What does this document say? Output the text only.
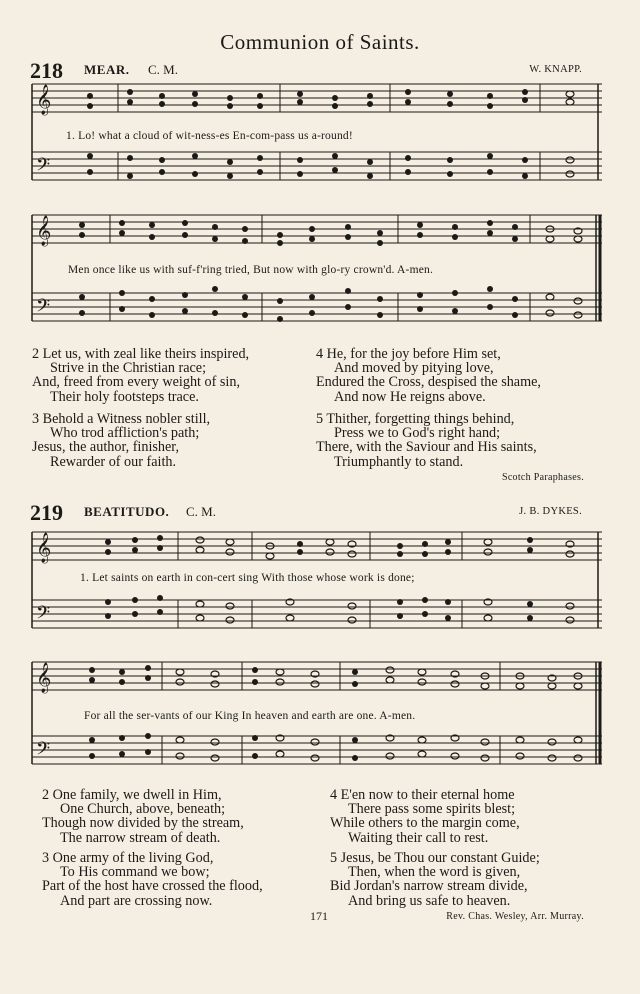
Communion of Saints.
218 MEAR. C. M.	W. KNAPP.
𝄞
𝄢
1. Lo! what a cloud of wit-ness-es En-com-pass us a-round!
𝄞
𝄢
Men once like us with suf-f'ring tried, But now with glo-ry crown'd. A-men.
2 Let us, with zeal like theirs inspired,
Strive in the Christian race;
And, freed from every weight of sin,
Their holy footsteps trace.
3 Behold a Witness nobler still,
Who trod affliction's path;
Jesus, the author, finisher,
Rewarder of our faith.
4 He, for the joy before Him set,
And moved by pitying love,
Endured the Cross, despised the shame,
And now He reigns above.
5 Thither, forgetting things behind,
Press we to God's right hand;
There, with the Saviour and His saints,
Triumphantly to stand.
Scotch Paraphases.
219 BEATITUDO. C. M.	J. B. DYKES.
𝄞
𝄢
1. Let saints on earth in con-cert sing With those whose work is done;
𝄞
𝄢
For all the ser-vants of our King In heaven and earth are one. A-men.
2 One family, we dwell in Him,
One Church, above, beneath;
Though now divided by the stream,
The narrow stream of death.
3 One army of the living God,
To His command we bow;
Part of the host have crossed the flood,
And part are crossing now.
4 E'en now to their eternal home
There pass some spirits blest;
While others to the margin come,
Waiting their call to rest.
5 Jesus, be Thou our constant Guide;
Then, when the word is given,
Bid Jordan's narrow stream divide,
And bring us safe to heaven.
171	Rev. Chas. Wesley, Arr. Murray.
